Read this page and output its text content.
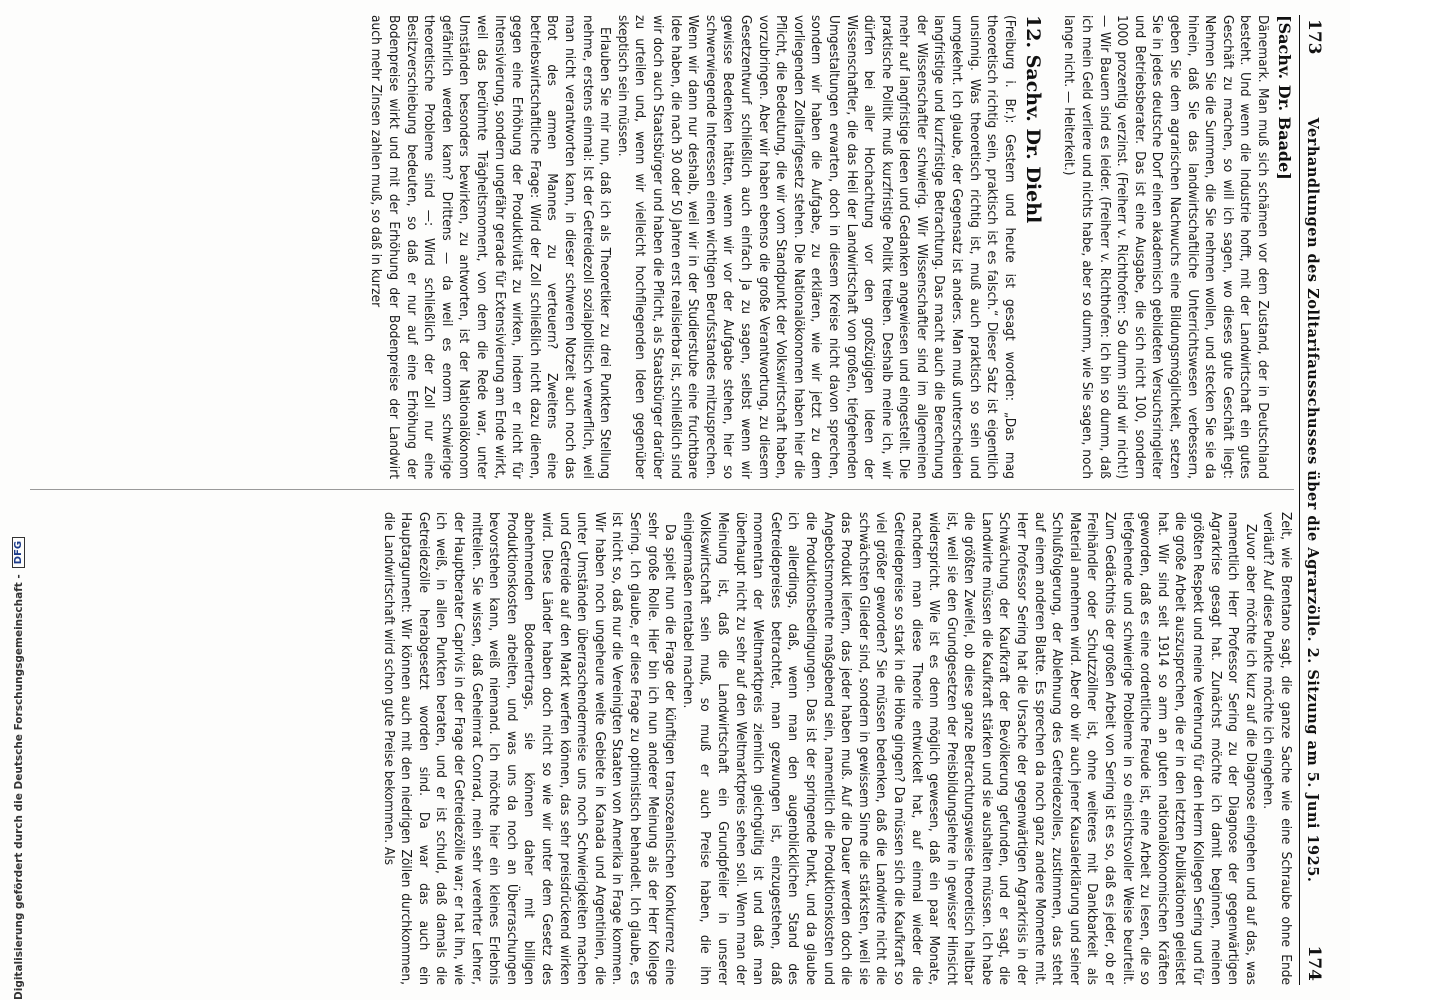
173
Verhandlungen des Zolltarifausschusses über die Agrarzölle. 2. Sitzung am 5. Juni 1925.
174
[Sachv. Dr. Baade]
Dänemark. Man muß sich schämen vor dem Zustand, der in Deutschland besteht. Und wenn die Industrie hofft, mit der Landwirtschaft ein gutes Geschäft zu machen, so will ich sagen, wo dieses gute Geschäft liegt: Nehmen Sie die Summen, die Sie nehmen wollen, und stecken Sie sie da hinein, daß Sie das landwirtschaftliche Unterrichtswesen verbessern, geben Sie dem agrarischen Nachwuchs eine Bildungsmöglichkeit, setzen Sie in jedes deutsche Dorf einen akademisch gebildeten Versuchsringleiter und Betriebsberater. Das ist eine Ausgabe, die sich nicht 100, sondern 1000 prozentig verzinst. (Freiherr v. Richthofen: So dumm sind wir nicht!) — Wir Bauern sind es leider. (Freiherr v. Richthofen: Ich bin so dumm, daß ich mein Geld verliere und nichts habe, aber so dumm, wie Sie sagen, noch lange nicht. — Heiterkeit.)
12. Sachv. Dr. Diehl
(Freiburg i. Br.): Gestern und heute ist gesagt worden: „Das mag theoretisch richtig sein, praktisch ist es falsch.“ Dieser Satz ist eigentlich unsinnig. Was theoretisch richtig ist, muß auch praktisch so sein und umgekehrt. Ich glaube, der Gegensatz ist anders. Man muß unterscheiden langfristige und kurzfristige Betrachtung. Das macht auch die Berechnung der Wissenschaftler schwierig. Wir Wissenschaftler sind im allgemeinen mehr auf langfristige Ideen und Gedanken angewiesen und eingestellt. Die praktische Politik muß kurzfristige Politik treiben. Deshalb meine ich, wir dürfen bei aller Hochachtung vor den großzügigen Ideen der Wissenschaftler, die das Heil der Landwirtschaft von großen, tiefgehenden Umgestaltungen erwarten, doch in diesem Kreise nicht davon sprechen, sondern wir haben die Aufgabe, zu erklären, wie wir jetzt zu dem vorliegenden Zolltarifgesetz stehen. Die Nationalökonomen haben hier die Pflicht, die Bedeutung, die wir vom Standpunkt der Volkswirtschaft haben, vorzubringen. Aber wir haben ebenso die große Verantwortung, zu diesem Gesetzentwurf schließlich auch einfach Ja zu sagen, selbst wenn wir gewisse Bedenken hätten, wenn wir vor der Aufgabe stehen, hier so schwerwiegende Interessen einen wichtigen Berufsstandes mitzusprechen. Wenn wir dann nur deshalb, weil wir in der Studierstube eine fruchtbare Idee haben, die nach 30 oder 50 Jahren erst realisierbar ist, schließlich sind wir doch auch Staatsbürger und haben die Pflicht, als Staatsbürger darüber zu urteilen und, wenn wir vielleicht hochfliegenden Ideen gegenüber skeptisch sein müssen.
Erlauben Sie mir nun, daß ich als Theoretiker zu drei Punkten Stellung nehme, erstens einmal: Ist der Getreidezoll sozialpolitisch verwerflich, weil man nicht verantworten kann, in dieser schweren Notzeit auch noch das Brot des armen Mannes zu verteuern? Zweitens eine betriebswirtschaftliche Frage: Wird der Zoll schließlich nicht dazu dienen, gegen eine Erhöhung der Produktivität zu wirken, indem er nicht für Intensivierung, sondern ungefähr gerade für Extensivierung am Ende wirkt, weil das berühmte Trägheitsmoment, von dem die Rede war, unter Umständen besonders bewirken, zu antworten, ist der Nationalökonom gefährlich werden kann? Drittens — da weil es enorm schwierige theoretische Probleme sind —: Wird schließlich der Zoll nur eine Besitzverschiebung bedeuten, so daß er nur auf eine Erhöhung der Bodenpreise wirkt und mit der Erhöhung der Bodenpreise der Landwirt auch mehr Zinsen zahlen muß, so daß in kurzer
Zeit, wie Brentano sagt, die ganze Sache wie eine Schraube ohne Ende verläuft? Auf diese Punkte möchte ich eingehen.
Zuvor aber möchte ich kurz auf die Diagnose eingehen und auf das, was namentlich Herr Professor Sering zu der Diagnose der gegenwärtigen Agrarkrise gesagt hat. Zunächst möchte ich damit beginnen, meinen größten Respekt und meine Verehrung für den Herrn Kollegen Sering und für die große Arbeit auszusprechen, die er in den letzten Publikationen geleistet hat. Wir sind seit 1914 so arm an guten nationalökonomischen Kräften geworden, daß es eine ordentliche Freude ist, eine Arbeit zu lesen, die so tiefgehende und schwierige Probleme in so einsichtsvoller Weise beurteilt. Zum Gedächtnis der großen Arbeit von Sering ist es so, daß es jeder, ob er Freihändler oder Schutzzöllner ist, ohne weiteres mit Dankbarkeit als Material annehmen wird. Aber ob wir auch jener Kausalerklärung und seiner Schlußfolgerung, der Ablehnung des Getreidezolles, zustimmen, das steht auf einem anderen Blatte. Es sprechen da noch ganz andere Momente mit. Herr Professor Sering hat die Ursache der gegenwärtigen Agrarkrisis in der Schwächung der Kaufkraft der Bevölkerung gefunden, und er sagt, die Landwirte müssen die Kaufkraft stärken und sie aushalten müssen. Ich habe die größten Zweifel, ob diese ganze Betrachtungsweise theoretisch haltbar ist, weil sie den Grundgesetzen der Preisbildungslehre in gewisser Hinsicht widerspricht. Wie ist es denn möglich gewesen, daß ein paar Monate, nachdem man diese Theorie entwickelt hat, auf einmal wieder die Getreidepreise so stark in die Höhe gingen? Da müssen sich die Kaufkraft so viel größer geworden? Sie müssen bedenken, daß die Landwirte nicht die schwächsten Glieder sind, sondern in gewissem Sinne die stärksten, weil sie das Produkt liefern, das jeder haben muß. Auf die Dauer werden doch die Angebotsmomente maßgebend sein, namentlich die Produktionskosten und die Produktionsbedingungen. Das ist der springende Punkt, und da glaube ich allerdings, daß, wenn man den augenblicklichen Stand des Getreidepreises betrachtet, man gezwungen ist, einzugestehen, daß momentan der Weltmarktpreis ziemlich gleichgültig ist und daß man überhaupt nicht zu sehr auf den Weltmarktpreis sehen soll. Wenn man der Meinung ist, daß die Landwirtschaft ein Grundpfeiler in unserer Volkswirtschaft sein muß, so muß er auch Preise haben, die ihn einigermaßen rentabel machen.
Da spielt nun die Frage der künftigen transozeanischen Konkurrenz eine sehr große Rolle. Hier bin ich nun anderer Meinung als der Herr Kollege Sering. Ich glaube, er diese Frage zu optimistisch behandelt. Ich glaube, es ist nicht so, daß nur die Vereinigten Staaten von Amerika in Frage kommen. Wir haben noch ungeheure weite Gebiete in Kanada und Argentinien, die unter Umständen überraschendermeise uns noch Schwierigkeiten machen und Getreide auf den Markt werfen können, das sehr preisdrückend wirken wird. Diese Länder haben doch nicht so wie wir unter dem Gesetz des abnehmenden Bodenertrags, sie können daher mit billigen Produktionskosten arbeiten, und was uns da noch an Überraschungen bevorstehen kann, weiß niemand. Ich möchte hier ein kleines Erlebnis mitteilen. Sie wissen, daß Geheimrat Conrad, mein sehr verehrter Lehrer, der Hauptberater Caprivis in der Frage der Getreidezölle war; er hat ihn, wie ich weiß, in allen Punkten beraten, und er ist schuld, daß damals die Getreidezölle herabgesetzt worden sind. Da war das auch ein Hauptargument: Wir können auch mit den niedrigen Zöllen durchkommen, die Landwirtschaft wird schon gute Preise bekommen. Als
Digitalisierung gefördert durch die Deutsche Forschungsgemeinschaft -
DFG
